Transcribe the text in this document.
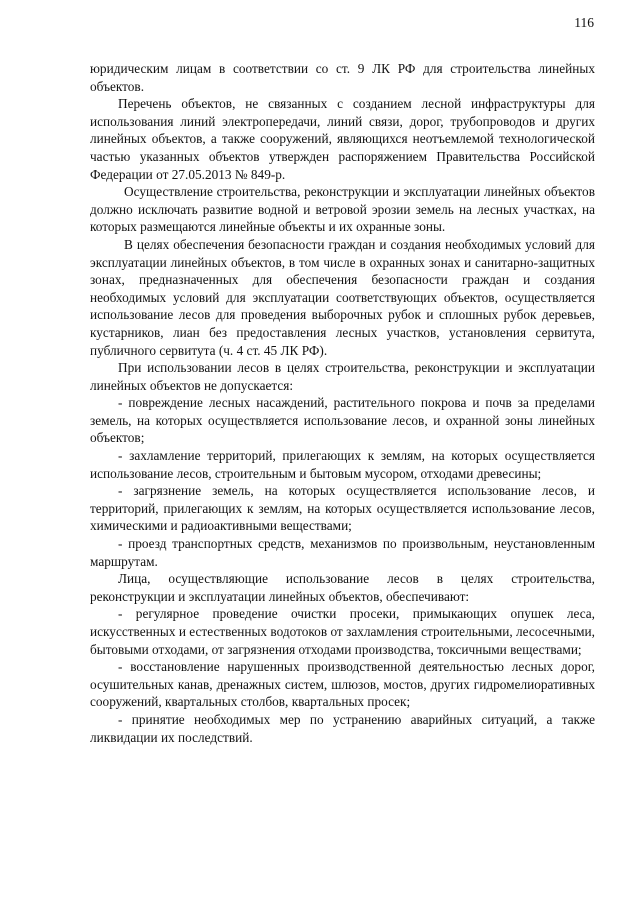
116

юридическим лицам в соответствии со ст. 9 ЛК РФ для строительства линейных объектов.

Перечень объектов, не связанных с созданием лесной инфраструктуры для использования линий электропередачи, линий связи, дорог, трубопроводов и других линейных объектов, а также сооружений, являющихся неотъемлемой технологической частью указанных объектов утвержден распоряжением Правительства Российской Федерации от 27.05.2013 № 849-р.

Осуществление строительства, реконструкции и эксплуатации линейных объектов должно исключать развитие водной и ветровой эрозии земель на лесных участках, на которых размещаются линейные объекты и их охранные зоны.

В целях обеспечения безопасности граждан и создания необходимых условий для эксплуатации линейных объектов, в том числе в охранных зонах и санитарно-защитных зонах, предназначенных для обеспечения безопасности граждан и создания необходимых условий для эксплуатации соответствующих объектов, осуществляется использование лесов для проведения выборочных рубок и сплошных рубок деревьев, кустарников, лиан без предоставления лесных участков, установления сервитута, публичного сервитута (ч. 4 ст. 45 ЛК РФ).

При использовании лесов в целях строительства, реконструкции и эксплуатации линейных объектов не допускается:

- повреждение лесных насаждений, растительного покрова и почв за пределами земель, на которых осуществляется использование лесов, и охранной зоны линейных объектов;

- захламление территорий, прилегающих к землям, на которых осуществляется использование лесов, строительным и бытовым мусором, отходами древесины;

- загрязнение земель, на которых осуществляется использование лесов, и территорий, прилегающих к землям, на которых осуществляется использование лесов, химическими и радиоактивными веществами;

- проезд транспортных средств, механизмов по произвольным, неустановленным маршрутам.

Лица, осуществляющие использование лесов в целях строительства, реконструкции и эксплуатации линейных объектов, обеспечивают:

- регулярное проведение очистки просеки, примыкающих опушек леса, искусственных и естественных водотоков от захламления строительными, лесосечными, бытовыми отходами, от загрязнения отходами производства, токсичными веществами;

- восстановление нарушенных производственной деятельностью лесных дорог, осушительных канав, дренажных систем, шлюзов, мостов, других гидромелиоративных сооружений, квартальных столбов, квартальных просек;

- принятие необходимых мер по устранению аварийных ситуаций, а также ликвидации их последствий.
